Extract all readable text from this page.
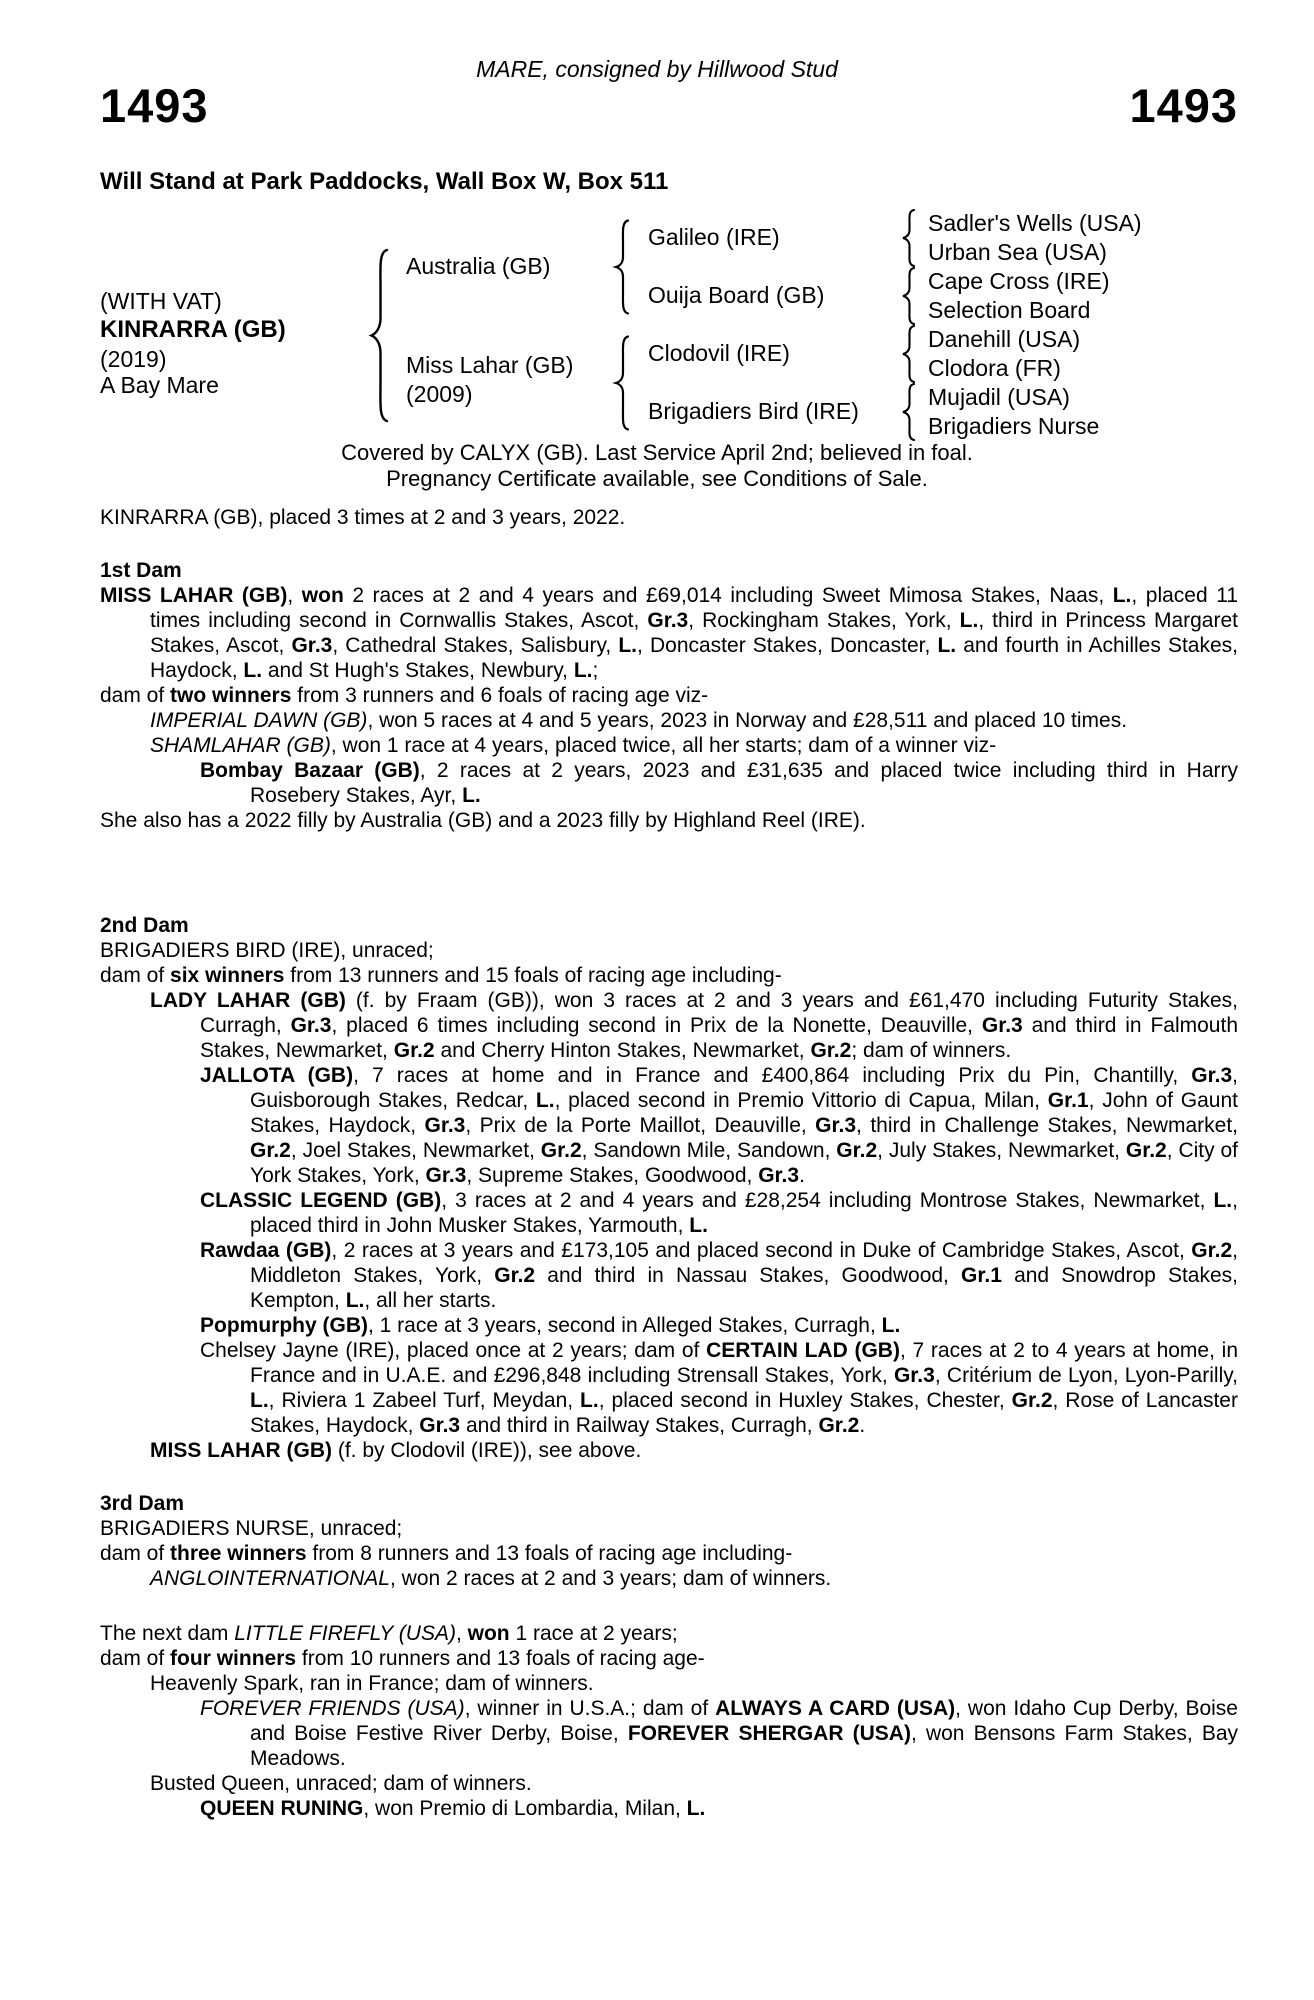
MARE, consigned by Hillwood Stud
1493	1493
Will Stand at Park Paddocks, Wall Box W, Box 511
(WITH VAT)
KINRARRA (GB)
(2019)
A Bay Mare
Australia (GB)
Miss Lahar (GB)
(2009)
Galileo (IRE)
Ouija Board (GB)
Clodovil (IRE)
Brigadiers Bird (IRE)
Sadler's Wells (USA)
Urban Sea (USA)
Cape Cross (IRE)
Selection Board
Danehill (USA)
Clodora (FR)
Mujadil (USA)
Brigadiers Nurse
Covered by CALYX (GB). Last Service April 2nd; believed in foal.
Pregnancy Certificate available, see Conditions of Sale.

KINRARRA (GB), placed 3 times at 2 and 3 years, 2022.

1st Dam

MISS LAHAR (GB), won 2 races at 2 and 4 years and £69,014 including Sweet Mimosa Stakes, Naas, L., placed 11 times including second in Cornwallis Stakes, Ascot, Gr.3, Rockingham Stakes, York, L., third in Princess Margaret Stakes, Ascot, Gr.3, Cathedral Stakes, Salisbury, L., Doncaster Stakes, Doncaster, L. and fourth in Achilles Stakes, Haydock, L. and St Hugh's Stakes, Newbury, L.;

dam of two winners from 3 runners and 6 foals of racing age viz-

IMPERIAL DAWN (GB), won 5 races at 4 and 5 years, 2023 in Norway and £28,511 and placed 10 times.

SHAMLAHAR (GB), won 1 race at 4 years, placed twice, all her starts; dam of a winner viz-

Bombay Bazaar (GB), 2 races at 2 years, 2023 and £31,635 and placed twice including third in Harry Rosebery Stakes, Ayr, L.

She also has a 2022 filly by Australia (GB) and a 2023 filly by Highland Reel (IRE).

2nd Dam

BRIGADIERS BIRD (IRE), unraced;

dam of six winners from 13 runners and 15 foals of racing age including-

LADY LAHAR (GB) (f. by Fraam (GB)), won 3 races at 2 and 3 years and £61,470 including Futurity Stakes, Curragh, Gr.3, placed 6 times including second in Prix de la Nonette, Deauville, Gr.3 and third in Falmouth Stakes, Newmarket, Gr.2 and Cherry Hinton Stakes, Newmarket, Gr.2; dam of winners.

JALLOTA (GB), 7 races at home and in France and £400,864 including Prix du Pin, Chantilly, Gr.3, Guisborough Stakes, Redcar, L., placed second in Premio Vittorio di Capua, Milan, Gr.1, John of Gaunt Stakes, Haydock, Gr.3, Prix de la Porte Maillot, Deauville, Gr.3, third in Challenge Stakes, Newmarket, Gr.2, Joel Stakes, Newmarket, Gr.2, Sandown Mile, Sandown, Gr.2, July Stakes, Newmarket, Gr.2, City of York Stakes, York, Gr.3, Supreme Stakes, Goodwood, Gr.3.

CLASSIC LEGEND (GB), 3 races at 2 and 4 years and £28,254 including Montrose Stakes, Newmarket, L., placed third in John Musker Stakes, Yarmouth, L.

Rawdaa (GB), 2 races at 3 years and £173,105 and placed second in Duke of Cambridge Stakes, Ascot, Gr.2, Middleton Stakes, York, Gr.2 and third in Nassau Stakes, Goodwood, Gr.1 and Snowdrop Stakes, Kempton, L., all her starts.

Popmurphy (GB), 1 race at 3 years, second in Alleged Stakes, Curragh, L.

Chelsey Jayne (IRE), placed once at 2 years; dam of CERTAIN LAD (GB), 7 races at 2 to 4 years at home, in France and in U.A.E. and £296,848 including Strensall Stakes, York, Gr.3, Critérium de Lyon, Lyon-Parilly, L., Riviera 1 Zabeel Turf, Meydan, L., placed second in Huxley Stakes, Chester, Gr.2, Rose of Lancaster Stakes, Haydock, Gr.3 and third in Railway Stakes, Curragh, Gr.2.

MISS LAHAR (GB) (f. by Clodovil (IRE)), see above.

3rd Dam

BRIGADIERS NURSE, unraced;

dam of three winners from 8 runners and 13 foals of racing age including-

ANGLOINTERNATIONAL, won 2 races at 2 and 3 years; dam of winners.

The next dam LITTLE FIREFLY (USA), won 1 race at 2 years;

dam of four winners from 10 runners and 13 foals of racing age-

Heavenly Spark, ran in France; dam of winners.

FOREVER FRIENDS (USA), winner in U.S.A.; dam of ALWAYS A CARD (USA), won Idaho Cup Derby, Boise and Boise Festive River Derby, Boise, FOREVER SHERGAR (USA), won Bensons Farm Stakes, Bay Meadows.

Busted Queen, unraced; dam of winners.

QUEEN RUNING, won Premio di Lombardia, Milan, L.
